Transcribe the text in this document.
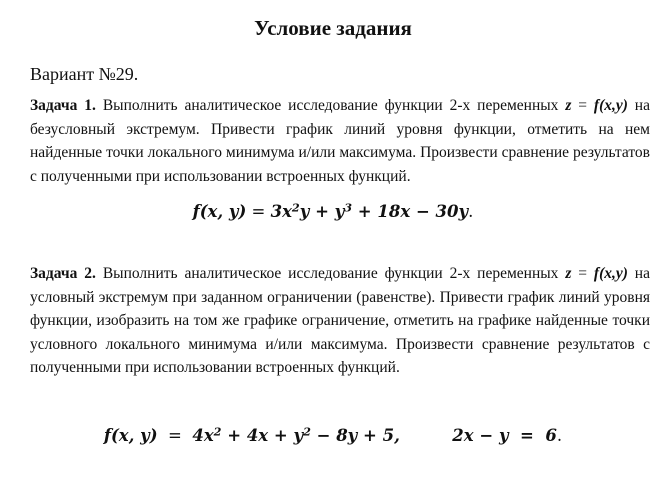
Условие задания
Вариант №29.
Задача 1. Выполнить аналитическое исследование функции 2-х переменных z = f(x,y) на безусловный экстремум. Привести график линий уровня функции, отметить на нем найденные точки локального минимума и/или максимума. Произвести сравнение результатов с полученными при использовании встроенных функций.
f(x, $y) = 3x^2y + y^3 + 18x - 30y$.
Задача 2. Выполнить аналитическое исследование функции 2-х переменных z = f(x,y) на условный экстремум при заданном ограничении (равенстве). Привести график линий уровня функции, изобразить на том же графике ограничение, отметить на графике найденные точки условного локального минимума и/или максимума. Произвести сравнение результатов с полученными при использовании встроенных функций.
f(x, $y) = 4x^2 + 4x + y^2 - 8y + 5$,	2x − y  =  6.
